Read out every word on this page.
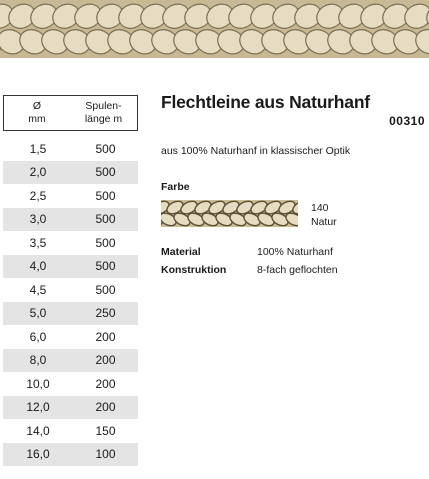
Ø
mm
Spulen-
länge m
1,5	500
2,0	500
2,5	500
3,0	500
3,5	500
4,0	500
4,5	500
5,0	250
6,0	200
8,0	200
10,0	200
12,0	200
14,0	150
16,0	100
Flechtleine aus Naturhanf
00310
aus 100% Naturhanf in klassischer Optik
Farbe
140
Natur
Material	100% Naturhanf
Konstruktion	8-fach geflochten
